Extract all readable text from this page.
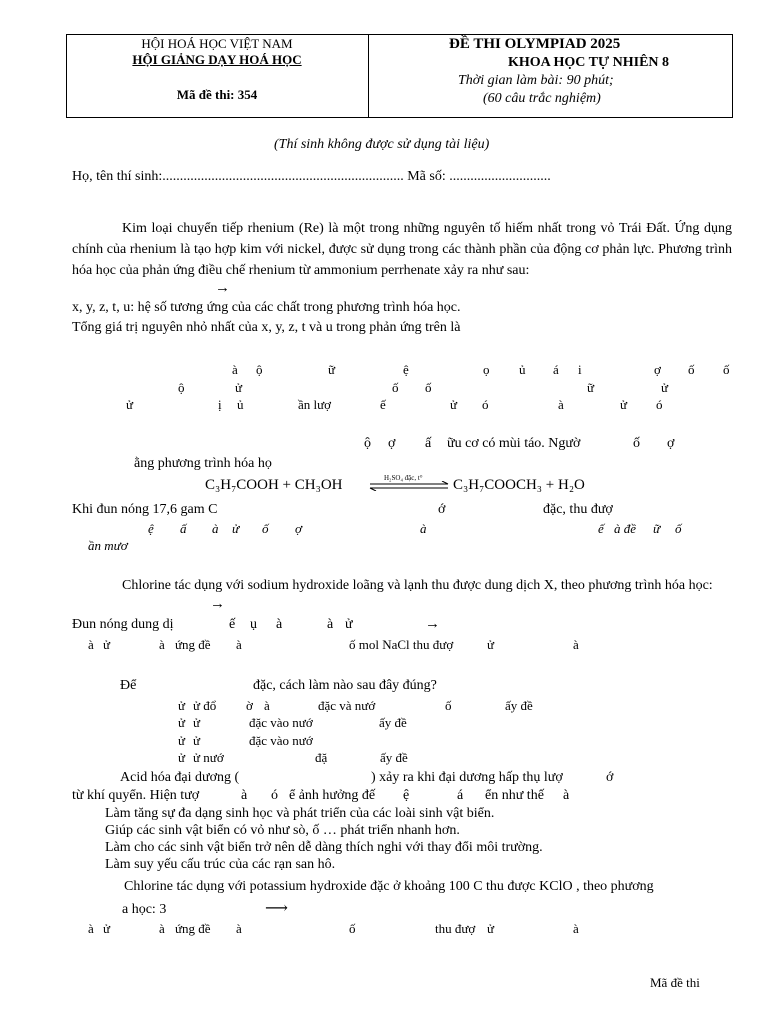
HỘI HOÁ HỌC VIỆT NAM
HỘI GIẢNG DẠY HOÁ HỌC
Mã đề thi: 354
ĐỀ THI OLYMPIAD 2025
KHOA HỌC TỰ NHIÊN 8
Thời gian làm bài: 90 phút;
(60 câu trắc nghiệm)
(Thí sinh không được sử dụng tài liệu)
Họ, tên thí sinh:..................................................................... Mã số: .............................
Kim loại chuyển tiếp rhenium (Re) là một trong những nguyên tố hiếm nhất trong vỏ Trái Đất. Ứng dụng chính của rhenium là tạo hợp kim với nickel, được sử dụng trong các thành phần của động cơ phản lực. Phương trình hóa học của phản ứng điều chế rhenium từ ammonium perrhenate xảy ra như sau:
→
x, y, z, t, u: hệ số tương ứng của các chất trong phương trình hóa học.
Tổng giá trị nguyên nhỏ nhất của x, y, z, t và u trong phản ứng trên là
à ộ	ữ	ệ	ọ ủ á i	ợ ố ố
ộ	ử	ố ố	ữ	ử
ử	ị ủ	ần lượ	ế	ử ó	à	ử ó
ộ ợ ấ ữu cơ có mùi táo. Ngườ	ố ợ
ằng phương trình hóa họ
C₃H₇COOH + CH₃OH	H₂SO₄ đặc, t° C₃H₇COOCH₃ + H₂O
Khi đun nóng 17,6 gam C	ớ	đặc, thu đượ
ệ ấ à ử ố ợ	à	ế à đề ữ ố
ần mươ
Chlorine tác dụng với sodium hydroxide loãng và lạnh thu được dung dịch X, theo phương trình hóa học:
→
Đun nóng dung dị	ế ụ à	à ử	→
à ử	à ứng đề à	ố mol NaCl thu đượ	ử	à
Để	đặc, cách làm nào sau đây đúng?
ử ử đổ ờ à	đặc và nướ	ố	ấy đề
ử ử	đặc vào nướ	ấy đề
ử ử	đặc vào nướ
ử ử nướ	đặ	ấy đề
Acid hóa đại dương (	) xảy ra khi đại dương hấp thụ lượ	ớ
từ khí quyển. Hiện tượ	à ó ể ảnh hưởng đế ệ	á ển như thế à
Làm tăng sự đa dạng sinh học và phát triển của các loài sinh vật biển.
Giúp các sinh vật biển có vỏ như sò, ố … phát triển nhanh hơn.
Làm cho các sinh vật biển trở nên dễ dàng thích nghi với thay đổi môi trường.
Làm suy yếu cấu trúc của các rạn san hô.
Chlorine tác dụng với potassium hydroxide đặc ở khoảng 100 C thu được KClO , theo phương
a học: 3	⟶
à ử	à ứng đề à	ố	thu đượ ử	à
Mã đề thi
